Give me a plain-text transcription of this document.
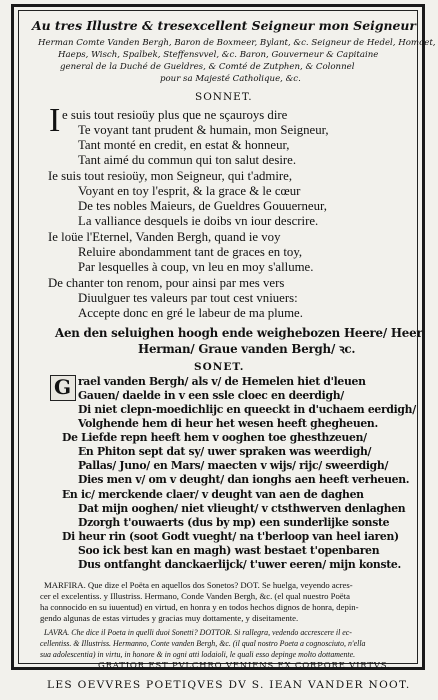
Au tres Illustre & tresexcellent Seigneur mon Seigneur
Herman Comte Vanden Bergh, Baron de Boxmeer, Bylant, &c. Seigneur de Hedel, Homoet,
Haeps, Wisch, Spalbek, Steffensvvel, &c. Baron, Gouverneur & Capitaine
general de la Duché de Gueldres, & Comté de Zutphen, & Colonnel
pour sa Majesté Catholique, &c.
SONNET.
I e suis tout resioüy plus que ne sçauroys dire
Te voyant tant prudent & humain, mon Seigneur,
Tant monté en credit, en estat & honneur,
Tant aimé du commun qui ton salut desire.
Ie suis tout resioüy, mon Seigneur, qui t'admire,
Voyant en toy l'esprit, & la grace & le cœur
De tes nobles Maieurs, de Gueldres Gouuerneur,
La valliance desquels ie doibs vn iour descrire.
Ie loüe l'Eternel, Vanden Bergh, quand ie voy
Reluire abondamment tant de graces en toy,
Par lesquelles à coup, vn leu en moy s'allume.
De chanter ton renom, pour ainsi par mes vers
Diuulguer tes valeurs par tout cest vniuers:
Accepte donc en gré le labeur de ma plume.
Aen den seluighen hoogh ende weighebozen Heere/ Heer
Herman/ Graue vanden Bergh/ ꝛc.
SONET.
G rael vanden Bergh/ als v/ de Hemelen hiet d'leuen
Gauen/ daelde in v een ssle cloec en deerdigh/
Di niet clepn-moedichlijc en queeckt in d'uchaem eerdigh/
Volghende hem di heur het wesen heeft ghegheuen.
De Liefde repn heeft hem v ooghen toe ghesthzeuen/
En Phiton sept dat sy/ uwer spraken was weerdigh/
Pallas/ Juno/ en Mars/ maecten v wijs/ rijc/ sweerdigh/
Dies men v/ om v deught/ dan ionghs aen heeft verheuen.
En ic/ merckende claer/ v deught van aen de daghen
Dat mijn ooghen/ niet vlieught/ v ctsthwerven denlaghen
Dzorgh t'ouwaerts (dus by mp) een sunderlijke sonste
Di heur rin (soot Godt vueght/ na t'berloop van heel iaren)
Soo ick best kan en magh) wast bestaet t'openbaren
Dus ontfanght danckaerlijck/ t'uwer eeren/ mijn konste.
MARFIRA. Que dize el Poëta en aquellos dos Sonetos? DOT. Se huelga, veyendo acres-
cer el excelentiss. y Illustriss. Hermano, Conde Vanden Bergh, &c. (el qual nuestro Poëta
ha connocido en su iuuentud) en virtud, en honra y en todos hechos dignos de honra, depin-
gendo algunas de estas virtudes y gracias muy dottamente, y diseitamente.
LAVRA. Che dice il Poeta in quelli duoi Sonetti? DOTTOR. Si rallegra, vedendo accrescere il ec-
cellentiss. & Illustriss. Hermanno, Conte vanden Bergh, &c. (il qual nostro Poeta a cognosciuto, n'ella
sua adolescentia) in virtu, in honore & in ogni atti lodaioli, le quali esso depinge molto dottamente.
GRATIOR EST PVLCHRO VENIENS EX CORPORE VIRTVS.
LES OEVVRES POETIQVES DV S. IEAN VANDER NOOT.
